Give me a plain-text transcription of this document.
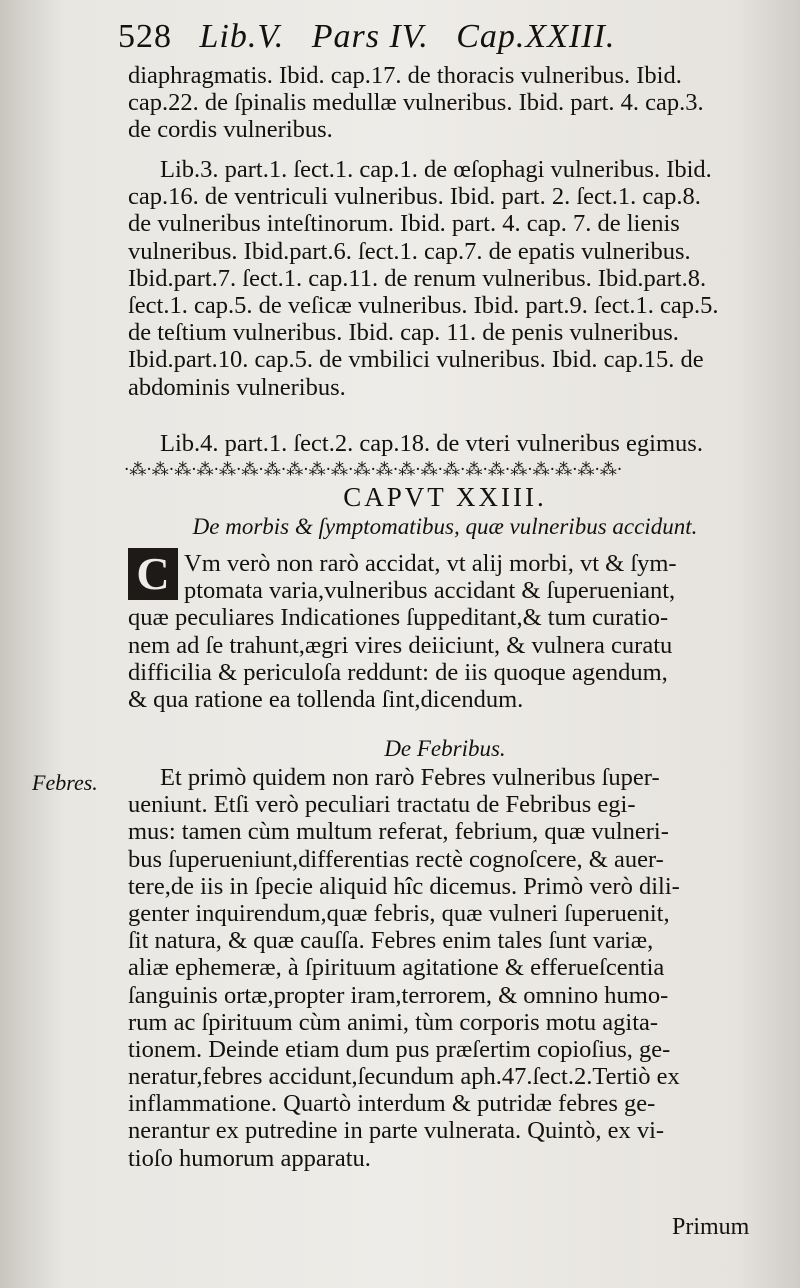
528 Lib.V. Pars IV. Cap.XXIII.
diaphragmatis. Ibid. cap.17. de thoracis vulneribus. Ibid.
cap.22. de ſpinalis medullæ vulneribus. Ibid. part. 4. cap.3.
de cordis vulneribus.
Lib.3. part.1. ſect.1. cap.1. de œſophagi vulneribus. Ibid.
cap.16. de ventriculi vulneribus. Ibid. part. 2. ſect.1. cap.8.
de vulneribus inteſtinorum. Ibid. part. 4. cap. 7. de lienis
vulneribus. Ibid.part.6. ſect.1. cap.7. de epatis vulneribus.
Ibid.part.7. ſect.1. cap.11. de renum vulneribus. Ibid.part.8.
ſect.1. cap.5. de veſicæ vulneribus. Ibid. part.9. ſect.1. cap.5.
de teſtium vulneribus. Ibid. cap. 11. de penis vulneribus.
Ibid.part.10. cap.5. de vmbilici vulneribus. Ibid. cap.15. de
abdominis vulneribus.
Lib.4. part.1. ſect.2. cap.18. de vteri vulneribus egimus.
·⁂·⁂·⁂·⁂·⁂·⁂·⁂·⁂·⁂·⁂·⁂·⁂·⁂·⁂·⁂·⁂·⁂·⁂·⁂·⁂·⁂·⁂·
CAPVT XXIII.
De morbis & ſymptomatibus, quæ vulneribus accidunt.
C Vm verò non rarò accidat, vt alij morbi, vt & ſym-
ptomata varia,vulneribus accidant & ſuperueniant,
quæ peculiares Indicationes ſuppeditant,& tum curatio-
nem ad ſe trahunt,ægri vires deiiciunt, & vulnera curatu
difficilia & periculoſa reddunt: de iis quoque agendum,
& qua ratione ea tollenda ſint,dicendum.
De Febribus.
Febres.	Et primò quidem non rarò Febres vulneribus ſuper-
ueniunt. Etſi verò peculiari tractatu de Febribus egi-
mus: tamen cùm multum referat, febrium, quæ vulneri-
bus ſuperueniunt,differentias rectè cognoſcere, & auer-
tere,de iis in ſpecie aliquid hîc dicemus. Primò verò dili-
genter inquirendum,quæ febris, quæ vulneri ſuperuenit,
ſit natura, & quæ cauſſa. Febres enim tales ſunt variæ,
aliæ ephemeræ, à ſpirituum agitatione & efferueſcentia
ſanguinis ortæ,propter iram,terrorem, & omnino humo-
rum ac ſpirituum cùm animi, tùm corporis motu agita-
tionem. Deinde etiam dum pus præſertim copioſius, ge-
neratur,febres accidunt,ſecundum aph.47.ſect.2.Tertiò ex
inflammatione. Quartò interdum & putridæ febres ge-
nerantur ex putredine in parte vulnerata. Quintò, ex vi-
tioſo humorum apparatu.
Primum
